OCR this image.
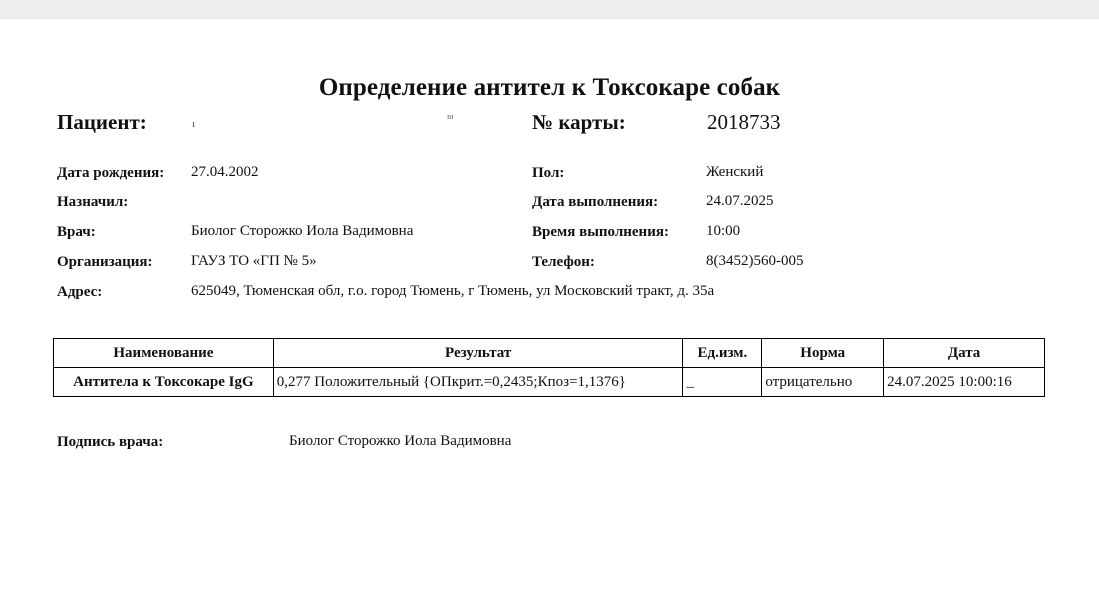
Определение антител к Токсокаре собак
Пациент:	ı	ᴮᴵ	№ карты:	2018733
Дата рождения: 27.04.2002
Назначил:
Врач:	Биолог Сторожко Иола Вадимовна
Организация:	ГАУЗ ТО «ГП № 5»
Адрес:	625049, Тюменская обл, г.о. город Тюмень, г Тюмень, ул Московский тракт, д. 35а
Пол:	Женский
Дата выполнения:	24.07.2025
Время выполнения: 10:00
Телефон:	8(3452)560-005
Наименование	Результат	Ед.изм.	Норма	Дата
Антитела к Токсокаре IgG	0,277 Положительный {ОПкрит.=0,2435;Кпоз=1,1376}	_	отрицательно	24.07.2025 10:00:16
Подпись врача:	Биолог Сторожко Иола Вадимовна
